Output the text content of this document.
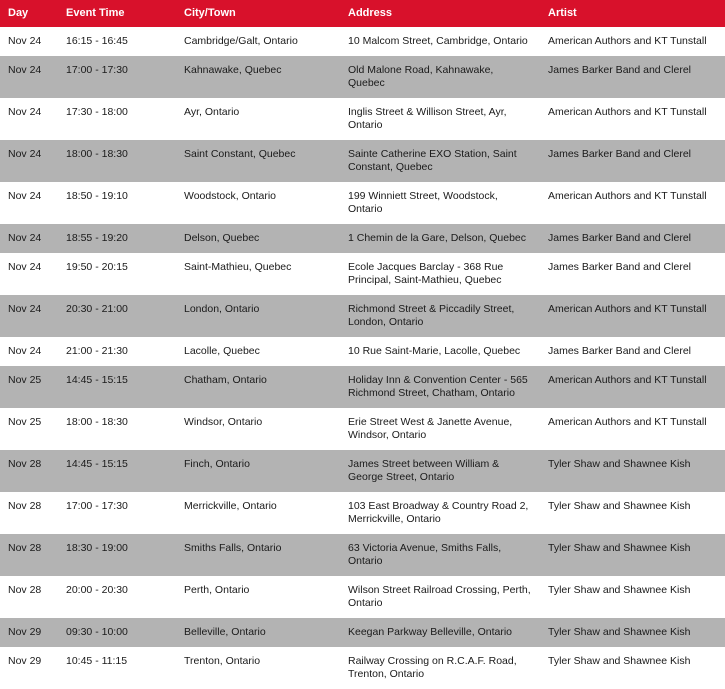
Day	Event Time	City/Town	Address	Artist
Nov 24	16:15 - 16:45	Cambridge/Galt, Ontario	10 Malcom Street, Cambridge, Ontario	American Authors and KT Tunstall
Nov 24	17:00 - 17:30	Kahnawake, Quebec	Old Malone Road, Kahnawake, Quebec	James Barker Band and Clerel
Nov 24	17:30 - 18:00	Ayr, Ontario	Inglis Street & Willison Street, Ayr, Ontario	American Authors and KT Tunstall
Nov 24	18:00 - 18:30	Saint Constant, Quebec	Sainte Catherine EXO Station, Saint Constant, Quebec	James Barker Band and Clerel
Nov 24	18:50 - 19:10	Woodstock, Ontario	199 Winniett Street, Woodstock, Ontario	American Authors and KT Tunstall
Nov 24	18:55 - 19:20	Delson, Quebec	1 Chemin de la Gare, Delson, Quebec	James Barker Band and Clerel
Nov 24	19:50 - 20:15	Saint-Mathieu, Quebec	Ecole Jacques Barclay - 368 Rue Principal, Saint-Mathieu, Quebec	James Barker Band and Clerel
Nov 24	20:30 - 21:00	London, Ontario	Richmond Street & Piccadily Street, London, Ontario	American Authors and KT Tunstall
Nov 24	21:00 - 21:30	Lacolle, Quebec	10 Rue Saint-Marie, Lacolle, Quebec	James Barker Band and Clerel
Nov 25	14:45 - 15:15	Chatham, Ontario	Holiday Inn & Convention Center - 565 Richmond Street, Chatham, Ontario	American Authors and KT Tunstall
Nov 25	18:00 - 18:30	Windsor, Ontario	Erie Street West & Janette Avenue, Windsor, Ontario	American Authors and KT Tunstall
Nov 28	14:45 - 15:15	Finch, Ontario	James Street between William & George Street, Ontario	Tyler Shaw and Shawnee Kish
Nov 28	17:00 - 17:30	Merrickville, Ontario	103 East Broadway & Country Road 2, Merrickville, Ontario	Tyler Shaw and Shawnee Kish
Nov 28	18:30 - 19:00	Smiths Falls, Ontario	63 Victoria Avenue, Smiths Falls, Ontario	Tyler Shaw and Shawnee Kish
Nov 28	20:00 - 20:30	Perth, Ontario	Wilson Street Railroad Crossing, Perth, Ontario	Tyler Shaw and Shawnee Kish
Nov 29	09:30 - 10:00	Belleville, Ontario	Keegan Parkway Belleville, Ontario	Tyler Shaw and Shawnee Kish
Nov 29	10:45 - 11:15	Trenton, Ontario	Railway Crossing on R.C.A.F. Road, Trenton, Ontario	Tyler Shaw and Shawnee Kish
